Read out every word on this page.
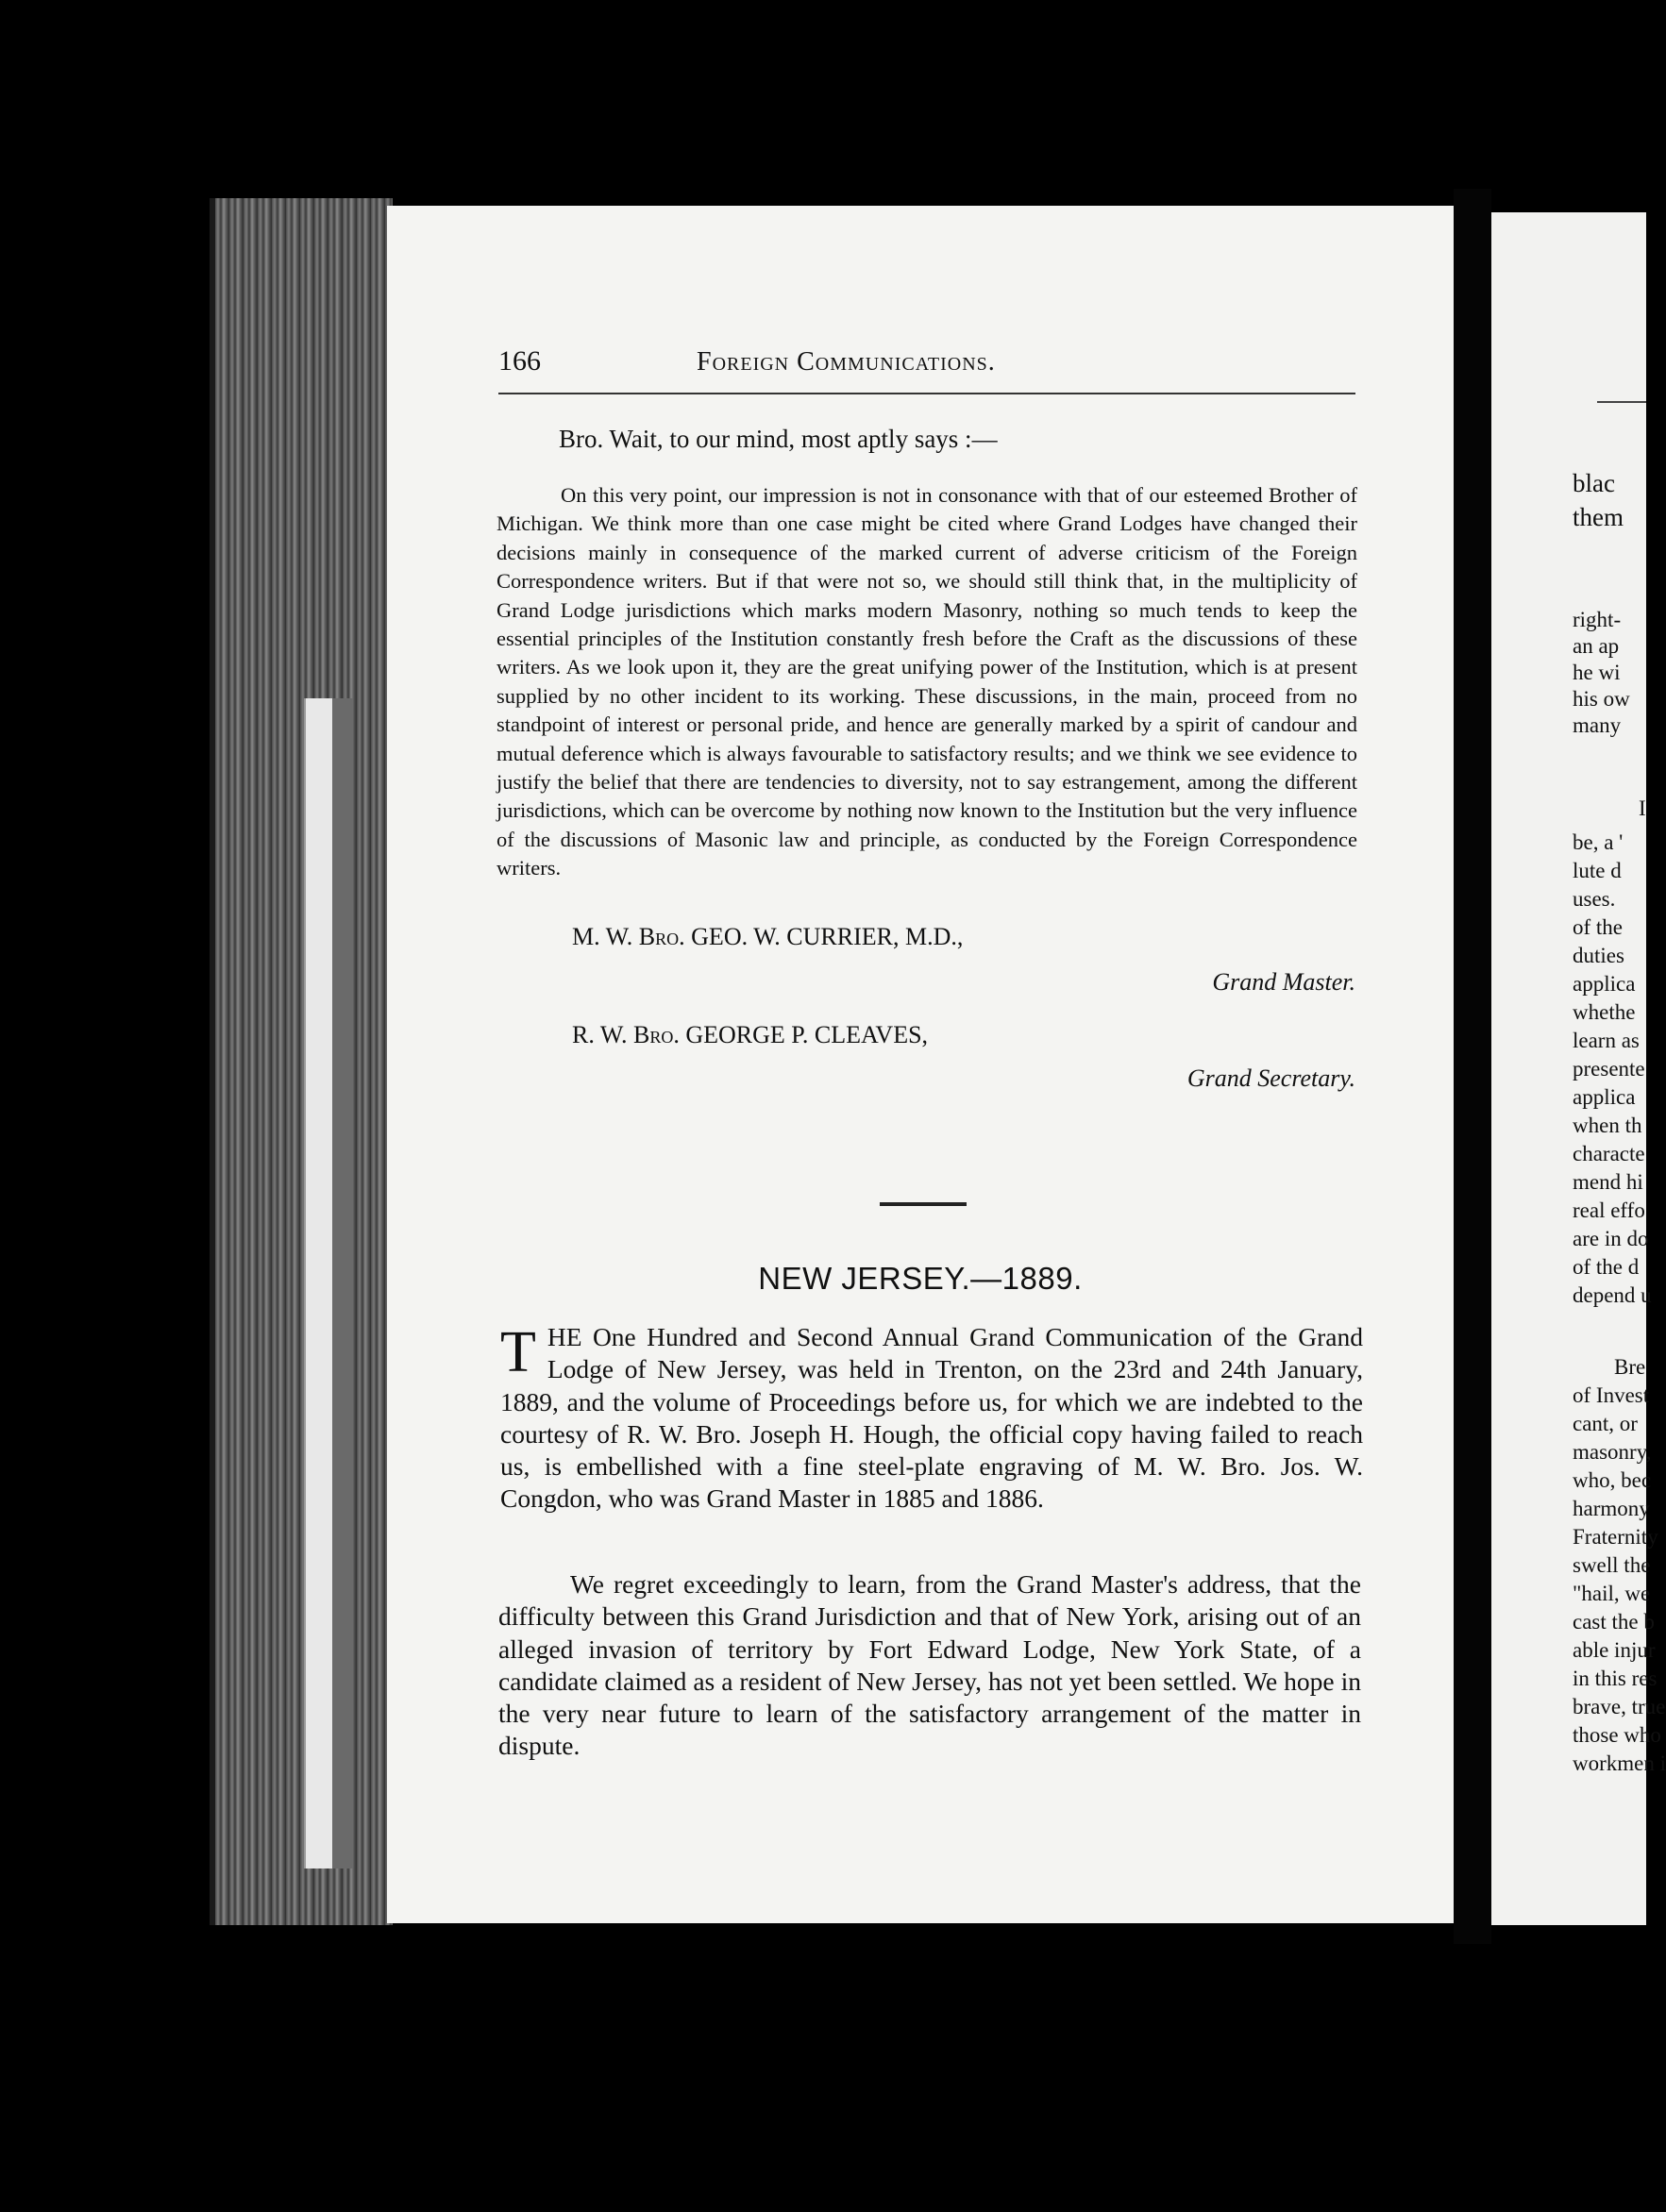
166	Foreign Communications.
Bro. Wait, to our mind, most aptly says :—
On this very point, our impression is not in consonance with that of our esteemed Brother of Michigan. We think more than one case might be cited where Grand Lodges have changed their decisions mainly in consequence of the marked current of adverse criticism of the Foreign Correspondence writers. But if that were not so, we should still think that, in the multiplicity of Grand Lodge jurisdictions which marks modern Masonry, nothing so much tends to keep the essential principles of the Institution constantly fresh before the Craft as the discussions of these writers. As we look upon it, they are the great unifying power of the Institution, which is at present supplied by no other incident to its working. These discussions, in the main, proceed from no standpoint of interest or personal pride, and hence are generally marked by a spirit of candour and mutual deference which is always favourable to satisfactory results; and we think we see evidence to justify the belief that there are tendencies to diversity, not to say estrangement, among the different jurisdictions, which can be overcome by nothing now known to the Institution but the very influence of the discussions of Masonic law and principle, as conducted by the Foreign Correspondence writers.
M. W. Bro. GEO. W. CURRIER, M.D.,
Grand Master.
R. W. Bro. GEORGE P. CLEAVES,
Grand Secretary.
NEW JERSEY.—1889.
THE One Hundred and Second Annual Grand Communication of the Grand Lodge of New Jersey, was held in Trenton, on the 23rd and 24th January, 1889, and the volume of Proceedings before us, for which we are indebted to the courtesy of R. W. Bro. Joseph H. Hough, the official copy having failed to reach us, is embellished with a fine steel-plate engraving of M. W. Bro. Jos. W. Congdon, who was Grand Master in 1885 and 1886.
We regret exceedingly to learn, from the Grand Master's address, that the difficulty between this Grand Jurisdiction and that of New York, arising out of an alleged invasion of territory by Fort Edward Lodge, New York State, of a candidate claimed as a resident of New Jersey, has not yet been settled. We hope in the very near future to learn of the satisfactory arrangement of the matter in dispute.
blac
them
right-
an ap
he wi
his ow
many
I
be, a '
lute d
uses.
of the
duties
applica
whethe
learn as
presente
applica
when th
characte
mend hi
real effo
are in do
of the d
depend u
Bre
of Invest
cant, or
masonry,
who, bec
harmony
Fraternity
swell the
"hail, we
cast the b
able injur
in this res
brave, true
those who
workmen i
